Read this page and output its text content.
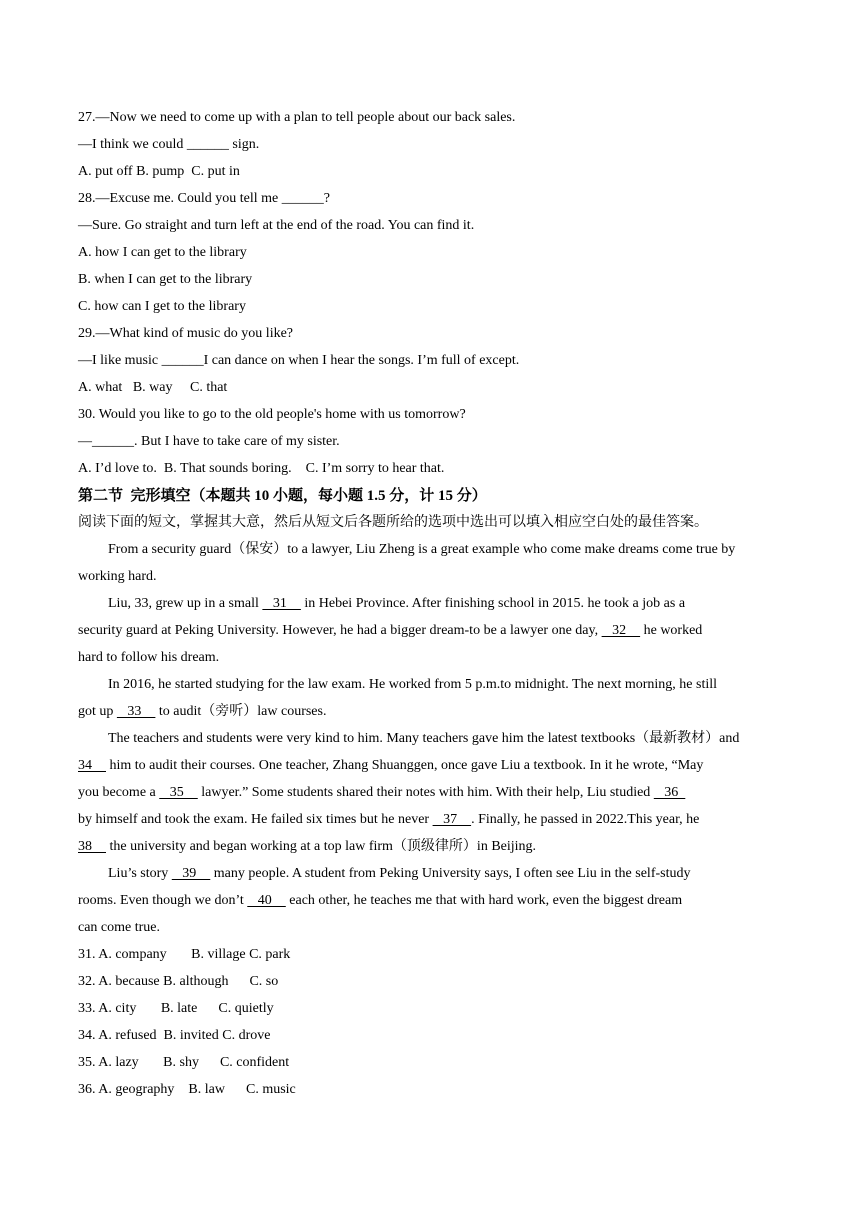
27.—Now we need to come up with a plan to tell people about our back sales.
—I think we could ______ sign.
A. put off B. pump  C. put in
28.—Excuse me. Could you tell me ______?
—Sure. Go straight and turn left at the end of the road. You can find it.
A. how I can get to the library
B. when I can get to the library
C. how can I get to the library
29.—What kind of music do you like?
—I like music ______I can dance on when I hear the songs. I’m full of except.
A. what   B. way     C. that
30. Would you like to go to the old people's home with us tomorrow?
—______. But I have to take care of my sister.
A. I’d love to.  B. That sounds boring.    C. I’m sorry to hear that.
第二节  完形填空（本题共 10 小题，每小题 1.5 分，计 15 分）
阅读下面的短文，掌握其大意，然后从短文后各题所给的选项中选出可以填入相应空白处的最佳答案。
From a security guard（保安）to a lawyer, Liu Zheng is a great example who come make dreams come true by
working hard.
Liu, 33, grew up in a small    31     in Hebei Province. After finishing school in 2015. he took a job as a
security guard at Peking University. However, he had a bigger dream-to be a lawyer one day,    32     he worked
hard to follow his dream.
In 2016, he started studying for the law exam. He worked from 5 p.m.to midnight. The next morning, he still
got up    33     to audit（旁听）law courses.
The teachers and students were very kind to him. Many teachers gave him the latest textbooks（最新教材）and
34     him to audit their courses. One teacher, Zhang Shuanggen, once gave Liu a textbook. In it he wrote, “May
you become a    35     lawyer.” Some students shared their notes with him. With their help, Liu studied    36
by himself and took the exam. He failed six times but he never    37    . Finally, he passed in 2022.This year, he
38     the university and began working at a top law firm（顶级律所）in Beijing.
Liu’s story    39     many people. A student from Peking University says, I often see Liu in the self-study
rooms. Even though we don’t    40     each other, he teaches me that with hard work, even the biggest dream
can come true.
31. A. company       B. village C. park
32. A. because B. although      C. so
33. A. city       B. late      C. quietly
34. A. refused  B. invited C. drove
35. A. lazy       B. shy      C. confident
36. A. geography    B. law      C. music
